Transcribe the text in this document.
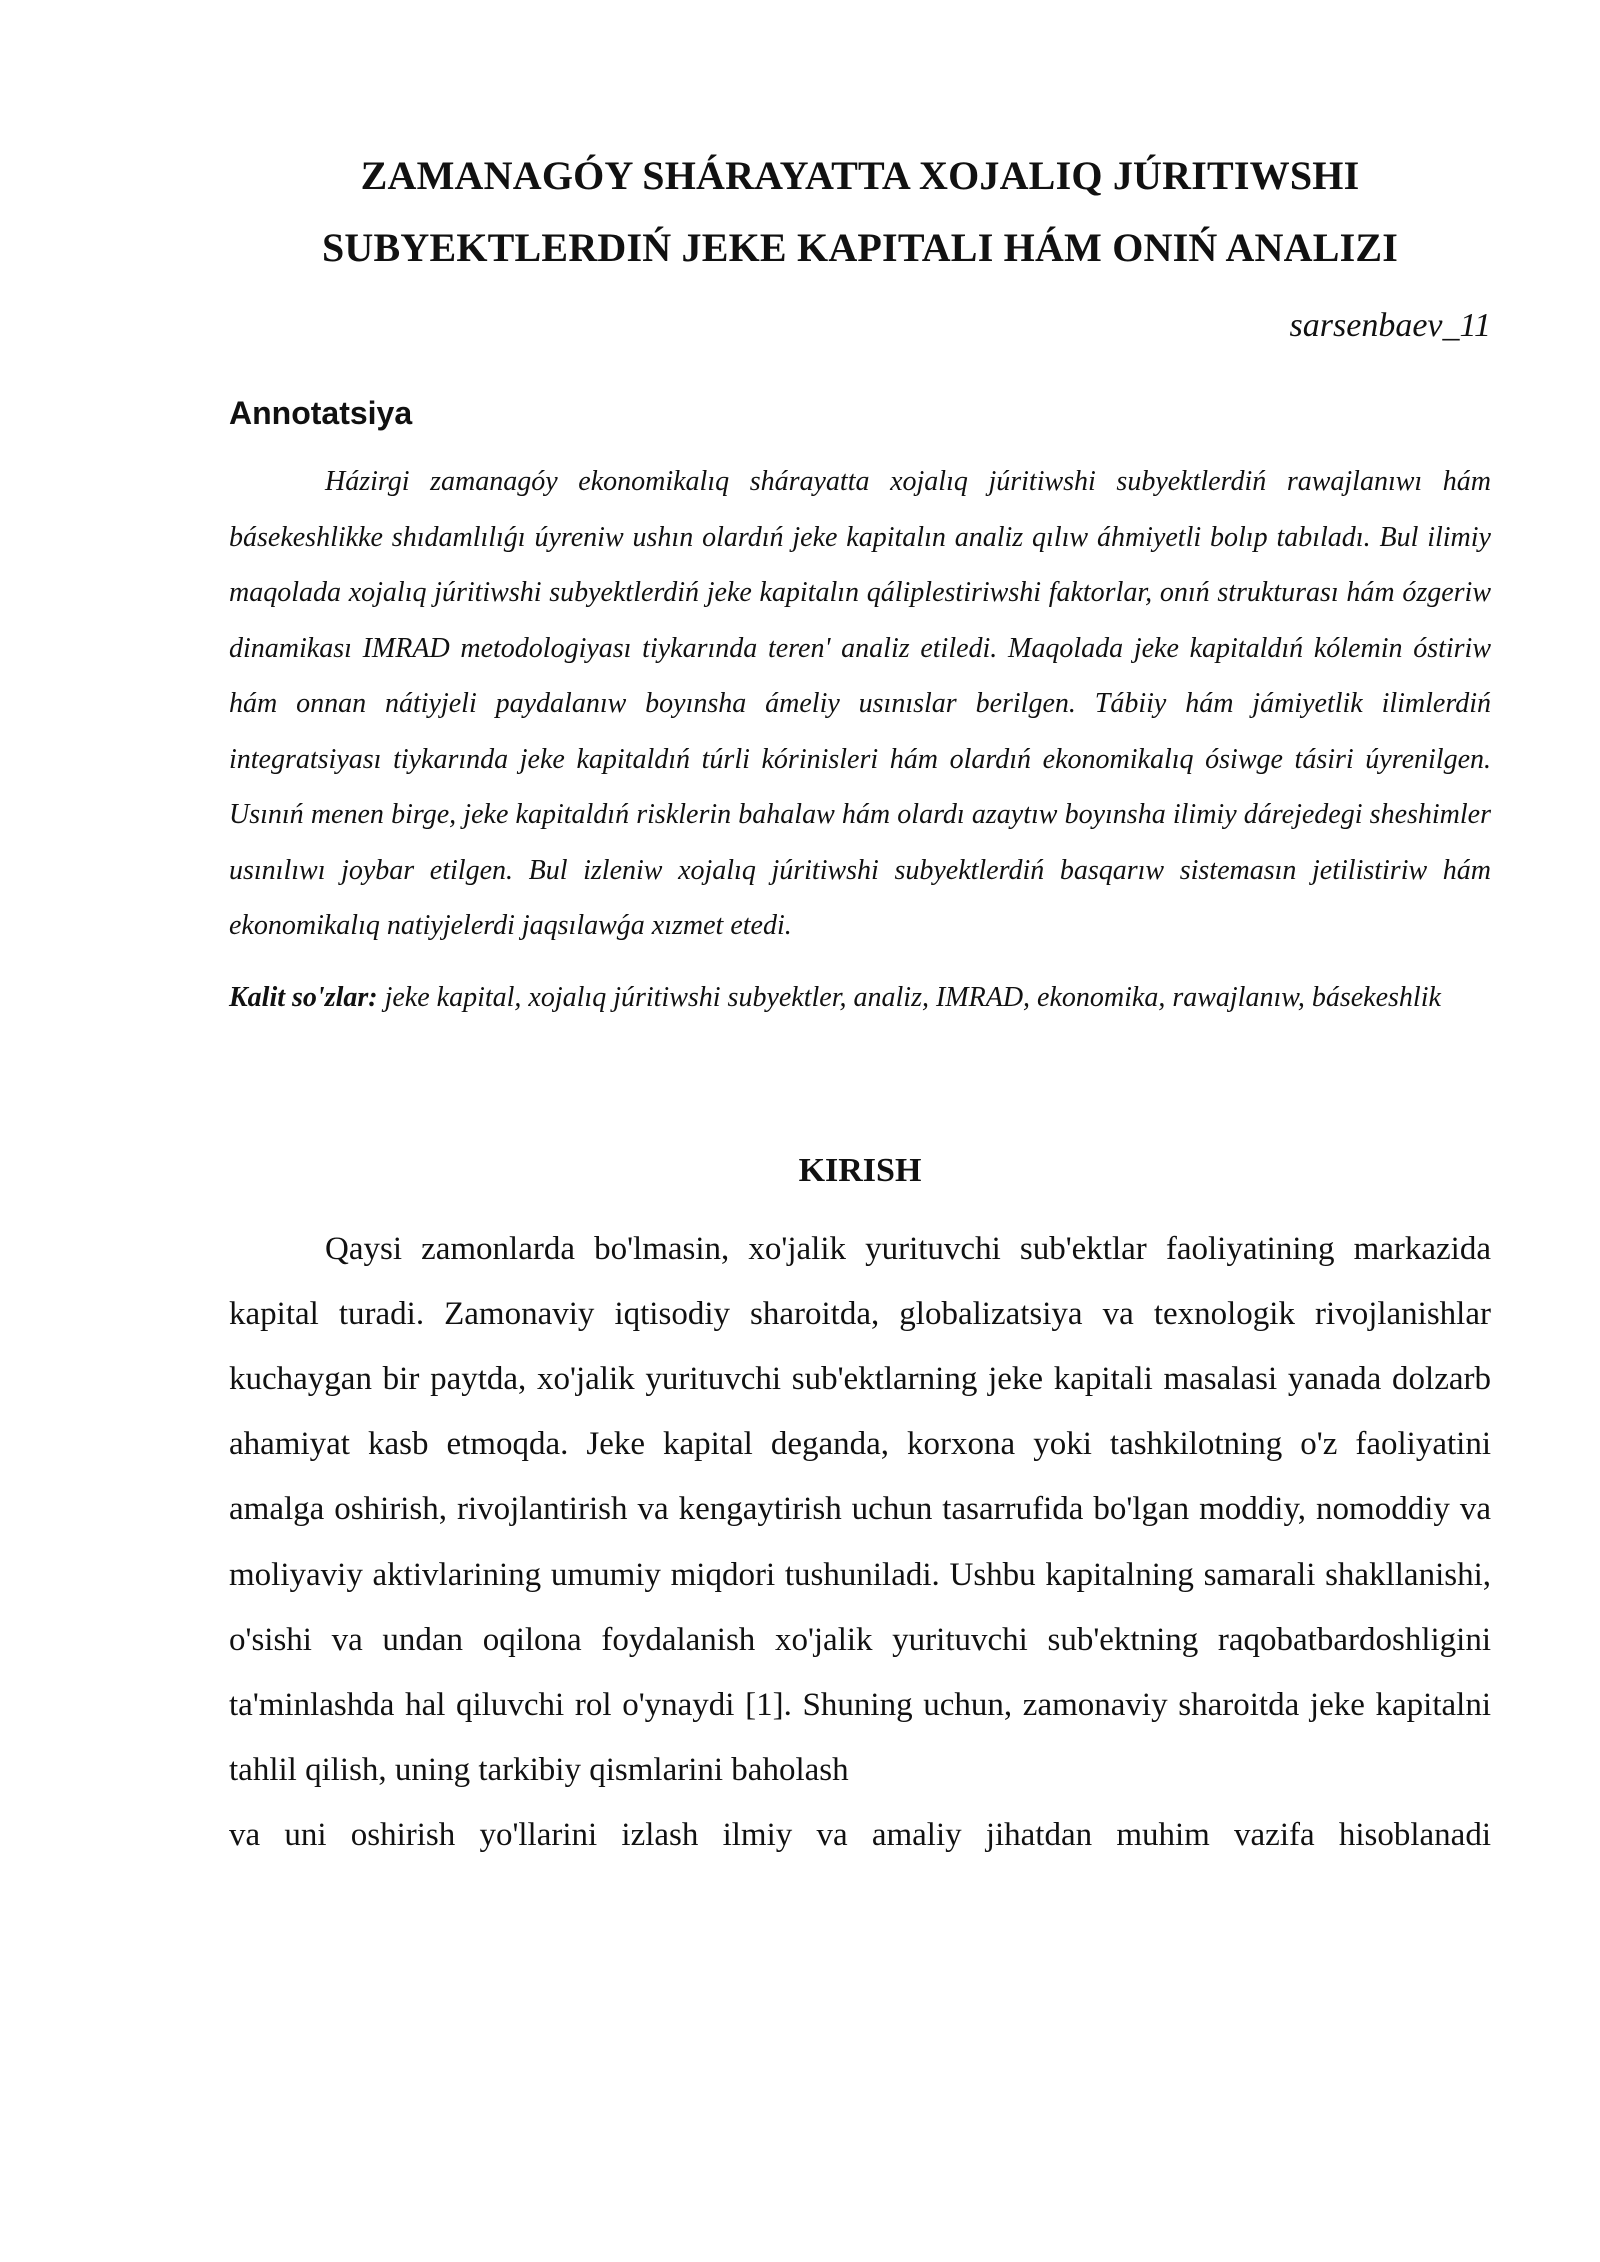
ZAMANAGÓY SHÁRAYATTA XOJALIQ JÚRITIWSHI
SUBYEKTLERDIŃ JEKE KAPITALI HÁM ONIŃ ANALIZI
sarsenbaev_11
Annotatsiya

Házirgi zamanagóy ekonomikalıq shárayatta xojalıq júritiwshi subyektlerdiń rawajlanıwı hám básekeshlikke shıdamlılıǵı úyreniw ushın olardıń jeke kapitalın analiz qılıw áhmiyetli bolıp tabıladı. Bul ilimiy maqolada xojalıq júritiwshi subyektlerdiń jeke kapitalın qáliplestiriwshi faktorlar, onıń strukturası hám ózgeriw dinamikası IMRAD metodologiyası tiykarında teren' analiz etiledi. Maqolada jeke kapitaldıń kólemin óstiriw hám onnan nátiyjeli paydalanıw boyınsha ámeliy usınıslar berilgen. Tábiiy hám jámiyetlik ilimlerdiń integratsiyası tiykarında jeke kapitaldıń túrli kórinisleri hám olardıń ekonomikalıq ósiwge tásiri úyrenilgen. Usınıń menen birge, jeke kapitaldıń risklerin bahalaw hám olardı azaytıw boyınsha ilimiy dárejedegi sheshimler usınılıwı joybar etilgen. Bul izleniw xojalıq júritiwshi subyektlerdiń basqarıw sistemasın jetilistiriw hám ekonomikalıq natiyjelerdi jaqsılawǵa xızmet etedi.

Kalit so'zlar: jeke kapital, xojalıq júritiwshi subyektler, analiz, IMRAD, ekonomika, rawajlanıw, básekeshlik

KIRISH

Qaysi zamonlarda bo'lmasin, xo'jalik yurituvchi sub'ektlar faoliyatining markazida kapital turadi. Zamonaviy iqtisodiy sharoitda, globalizatsiya va texnologik rivojlanishlar kuchaygan bir paytda, xo'jalik yurituvchi sub'ektlarning jeke kapitali masalasi yanada dolzarb ahamiyat kasb etmoqda. Jeke kapital deganda, korxona yoki tashkilotning o'z faoliyatini amalga oshirish, rivojlantirish va kengaytirish uchun tasarrufida bo'lgan moddiy, nomoddiy va moliyaviy aktivlarining umumiy miqdori tushuniladi. Ushbu kapitalning samarali shakllanishi, o'sishi va undan oqilona foydalanish xo'jalik yurituvchi sub'ektning raqobatbardoshligini ta'minlashda hal qiluvchi rol o'ynaydi [1]. Shuning uchun, zamonaviy sharoitda jeke kapitalni tahlil qilish, uning tarkibiy qismlarini baholash
va uni oshirish yo'llarini izlash ilmiy va amaliy jihatdan muhim vazifa hisoblanadi
